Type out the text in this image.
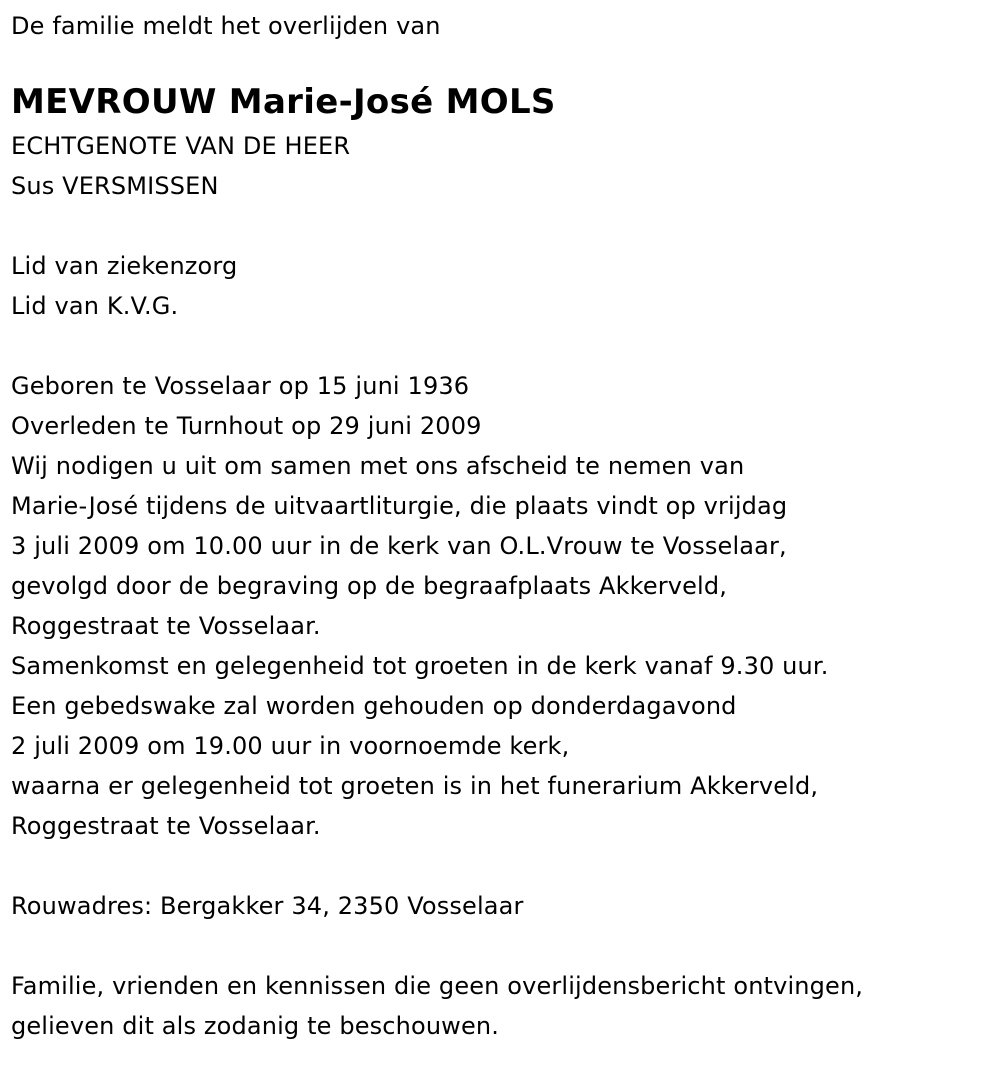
De familie meldt het overlijden van
MEVROUW Marie-José MOLS
ECHTGENOTE VAN DE HEER
Sus VERSMISSEN
Lid van ziekenzorg
Lid van K.V.G.
Geboren te Vosselaar op 15 juni 1936
Overleden te Turnhout op 29 juni 2009
Wij nodigen u uit om samen met ons afscheid te nemen van
Marie-José tijdens de uitvaartliturgie, die plaats vindt op vrijdag
3 juli 2009 om 10.00 uur in de kerk van O.L.Vrouw te Vosselaar,
gevolgd door de begraving op de begraafplaats Akkerveld,
Roggestraat te Vosselaar.
Samenkomst en gelegenheid tot groeten in de kerk vanaf 9.30 uur.
Een gebedswake zal worden gehouden op donderdagavond
2 juli 2009 om 19.00 uur in voornoemde kerk,
waarna er gelegenheid tot groeten is in het funerarium Akkerveld,
Roggestraat te Vosselaar.
Rouwadres: Bergakker 34, 2350 Vosselaar
Familie, vrienden en kennissen die geen overlijdensbericht ontvingen,
gelieven dit als zodanig te beschouwen.
